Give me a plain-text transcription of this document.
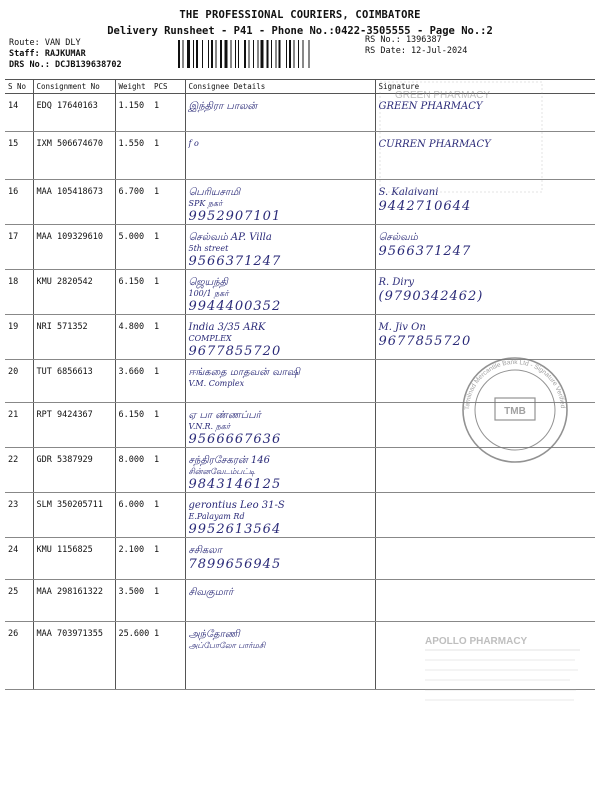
THE PROFESSIONAL COURIERS, COIMBATORE
Delivery Runsheet - P41 - Phone No.:0422-3505555 - Page No.:2
Route: VAN DLY
Staff: RAJKUMAR
DRS No.: DCJB139638702
RS No.: 1396387
RS Date: 12-Jul-2024
S No	Consignment No	Weight	PCS	Consignee Details	Signature
14	EDQ 17640163	1.150	1	இந்திரா பாலன்	GREEN PHARMACY

15	IXM 506674670	1.550	1	f o	CURREN PHARMACY

16	MAA 105418673	6.700	1	பெரியசாமி
SPK நகர்
9952907101	S. Kalaivani
9442710644

17	MAA 109329610	5.000	1	செல்வம் AP. Villa
5th street
9566371247	செல்வம்
9566371247

18	KMU 2820542	6.150	1	ஜெயந்தி
100/1 நகர்
9944400352	R. Diry
(9790342462)

19	NRI 571352	4.800	1	India 3/35 ARK
COMPLEX
9677855720	M. Jiv On
9677855720

20	TUT 6856613	3.660	1	ஈங்கதை மாதவன் வாஷி
V.M. Complex	

21	RPT 9424367	6.150	1	ஏ பா ண்ணப்பர்
V.N.R. நகர்
9566667636	

22	GDR 5387929	8.000	1	சந்திரசேகரன் 146
சின்னவேடம்பட்டி
9843146125	

23	SLM 350205711	6.000	1	gerontius Leo 31-S
E.Palayam Rd
9952613564	

24	KMU 1156825	2.100	1	சசிகலா
7899656945	

25	MAA 298161322	3.500	1	சிவகுமார்	

26	MAA 703971355	25.600	1	அந்தோணி
அப்போலோ பார்மசி	

GREEN PHARMACY
TMB
Tamilnad Mercantile Bank Ltd - Signature Verified
APOLLO PHARMACY
